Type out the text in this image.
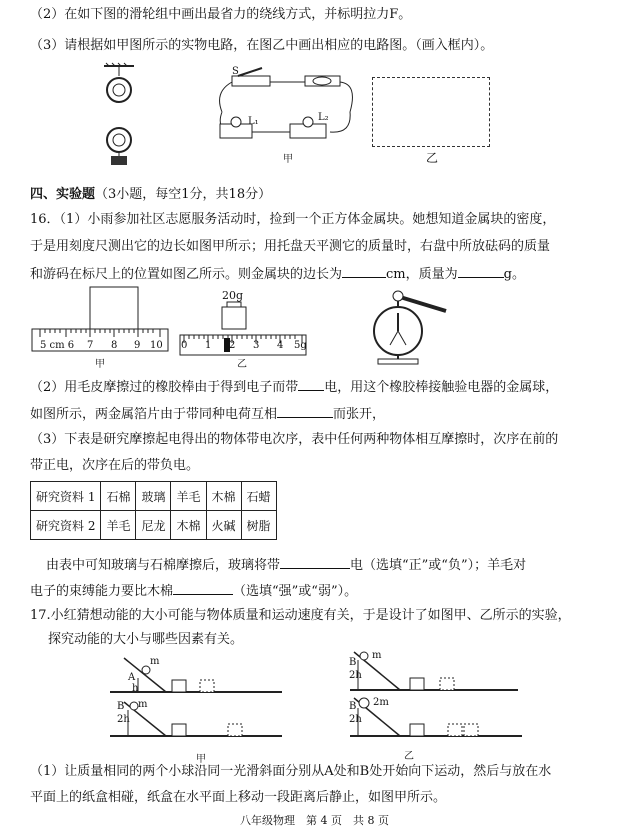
（2）在如下图的滑轮组中画出最省力的绕线方式，并标明拉力F。
（3）请根据如甲图所示的实物电路，在图乙中画出相应的电路图。（画入框内）。
S
L₁	L₂
甲	乙
四、实验题（3小题，每空1分，共18分）
16．（1）小雨参加社区志愿服务活动时，捡到一个正方体金属块。她想知道金属块的密度，
于是用刻度尺测出它的边长如图甲所示；用托盘天平测它的质量时，右盘中所放砝码的质量
和游码在标尺上的位置如图乙所示。则金属块的边长为	cm，质量为	g。
5 cm 6 7 8 9 10
甲
20g
0 1 2 3 4 5g
乙
（2）用毛皮摩擦过的橡胶棒由于得到电子而带 电，用这个橡胶棒接触验电器的金属球，
如图所示，两金属箔片由于带同种电荷互相	而张开，
（3）下表是研究摩擦起电得出的物体带电次序，表中任何两种物体相互摩擦时，次序在前的
带正电，次序在后的带负电。
研究资料 1	石棉	玻璃	羊毛	木棉	石蜡
研究资料 2	羊毛	尼龙	木棉	火碱	树脂
由表中可知玻璃与石棉摩擦后，玻璃将带	电（选填“正”或“负”）；羊毛对
电子的束缚能力要比木棉	（选填“强”或“弱”）。
17.小红猜想动能的大小可能与物体质量和运动速度有关，于是设计了如图甲、乙所示的实验，
探究动能的大小与哪些因素有关。
A
h
m
B
2h
m
甲
B
2h
m
B
2h
2m
乙
（1）让质量相同的两个小球沿同一光滑斜面分别从A处和B处开始向下运动，然后与放在水
平面上的纸盒相碰，纸盒在水平面上移动一段距离后静止，如图甲所示。
八年级物理　第 4 页　共 8 页
